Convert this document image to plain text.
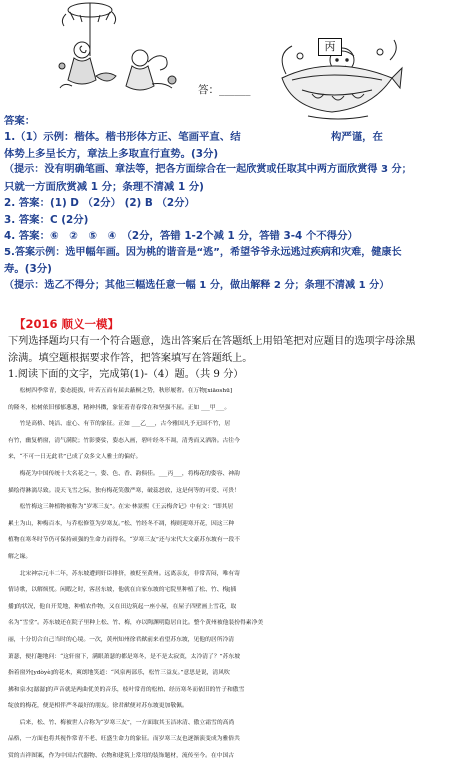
丙
答：______
答案：
1.（1）示例：楷体。楷书形体方正、笔画平直、结 　　　　　　　　 构严谨，在
体势上多呈长方，章法上多取直行直势。(3分)
（提示：没有明确笔画、章法等，把各方面综合在一起欣赏或任取其中两方面欣赏得 3 分；
只就一方面欣赏减 1 分；条理不清减 1 分)
2. 答案：(1) D （2分） (2) B （2分）
3. 答案：C (2分)
4. 答案：⑥　②　⑤　④　（2分，答错 1-2个减 1 分，答错 3-4 个不得分）
5.答案示例：选甲幅年画。因为桃的谐音是“逃”，希望爷爷永远逃过疾病和灾难，健康长
寿。(3分)
（提示：选乙不得分；其他三幅选任意一幅 1 分，做出解释 2 分；条理不清减 1 分）
【2016 顺义一模】
下列选择题均只有一个符合题意，选出答案后在答题纸上用铅笔把对应题目的选项字母涂黑
涂满。填空题根据要求作答，把答案填写在答题纸上。
1.阅读下面的文字，完成第(1)-（4）题。（共 9 分）
　　松树四季常青，姿态挺拔，叶若五而有届去蔽桐之势，秋形履奢。在万物[xiāoshū]
的隆冬，松树依旧郁郁葱葱，精神抖擞，象征着青春常在和坚强不屈。正如 ___甲___。
　　竹是高格、纯洁、虚心、有节的象征。正如 ___乙___，古今雅国凡予无国不竹，居
有竹，幽复梢窗，清气满院；竹影婆娑，姿态入画，碧叶经冬不凋，清秀而又洒洛。古往今
来，“不可一日无此君”已成了众多文人雅士的偏好。
　　梅花为中国传统十大名花之一，姿、色、香、韵俱佳。___丙___，将梅花的姿容、神韵
描绘得淋漓尽致。凌天飞雪之际，独有梅花笑傲严寒，破蕊怒放，这是何等的可爱、可贵！
　　松竹梅这三种植物被称为“岁寒三友”。在宋·林景熙《王云梅舍记》中有文：“即其居
累土为山，种梅百本，与乔松修篁为岁寒友。”松、竹经冬不凋，梅则迎寒开花，因这三种
植物在寒冬时节仍可保持顽强的生命力而得名，“岁寒三友”还与宋代大文豪苏东坡有一段不
解之缘。
　　北宋神宗元丰二年，苏东坡遭到奸臣排挤，被贬至黄州。远离亲友，非常苦闷，唯有寄
情诗歌，以解烦忧。闲暇之时，客居东坡，他就在自家东坡的宅院里种植了松、竹、梅[插
播]的状况，他自开荒地，种植农作物，又在田边筑起一座小屋，在屋子四壁画上雪花，取
名为“雪堂”。苏东坡还在院子里种上松、竹、梅，亦以陶渊明隐居自比。整个黄州被他装扮得素净美
丽，十分切合自己当时的心境。一次，黄州知州徐君猷前来看望苏东坡，见他的居所冷清
萧瑟，便打趣地问：“这轩窗下，满眼萧瑟的都是寒冬，是不是太寂寞，太冷清了？”苏东坡
指着窗外[ydòyè]的花木，爽朗地笑道：“风泉两部乐，松竹三益友。”意思是说，清风吹
拂和泉水[潺潺]的声音就是两曲优美的音乐，枝叶常青的松柏、经历寒冬而依旧的竹子和傲雪
绽放的梅花，便是相伴严冬最好的朋友。徐君猷便对苏东坡更加敬佩。
　　后来，松、竹、梅被世人合称为“岁寒三友”，一方面取其玉洁冰清、傲立霜雪的高尚
品格，一方面也将其视作常青不老、旺盛生命力的象征。而岁寒三友也逐渐演变成为雅俗共
赏的吉祥图案，作为中国古代器物、衣物和建筑上常用的装饰题材，流传至今。在中国古
